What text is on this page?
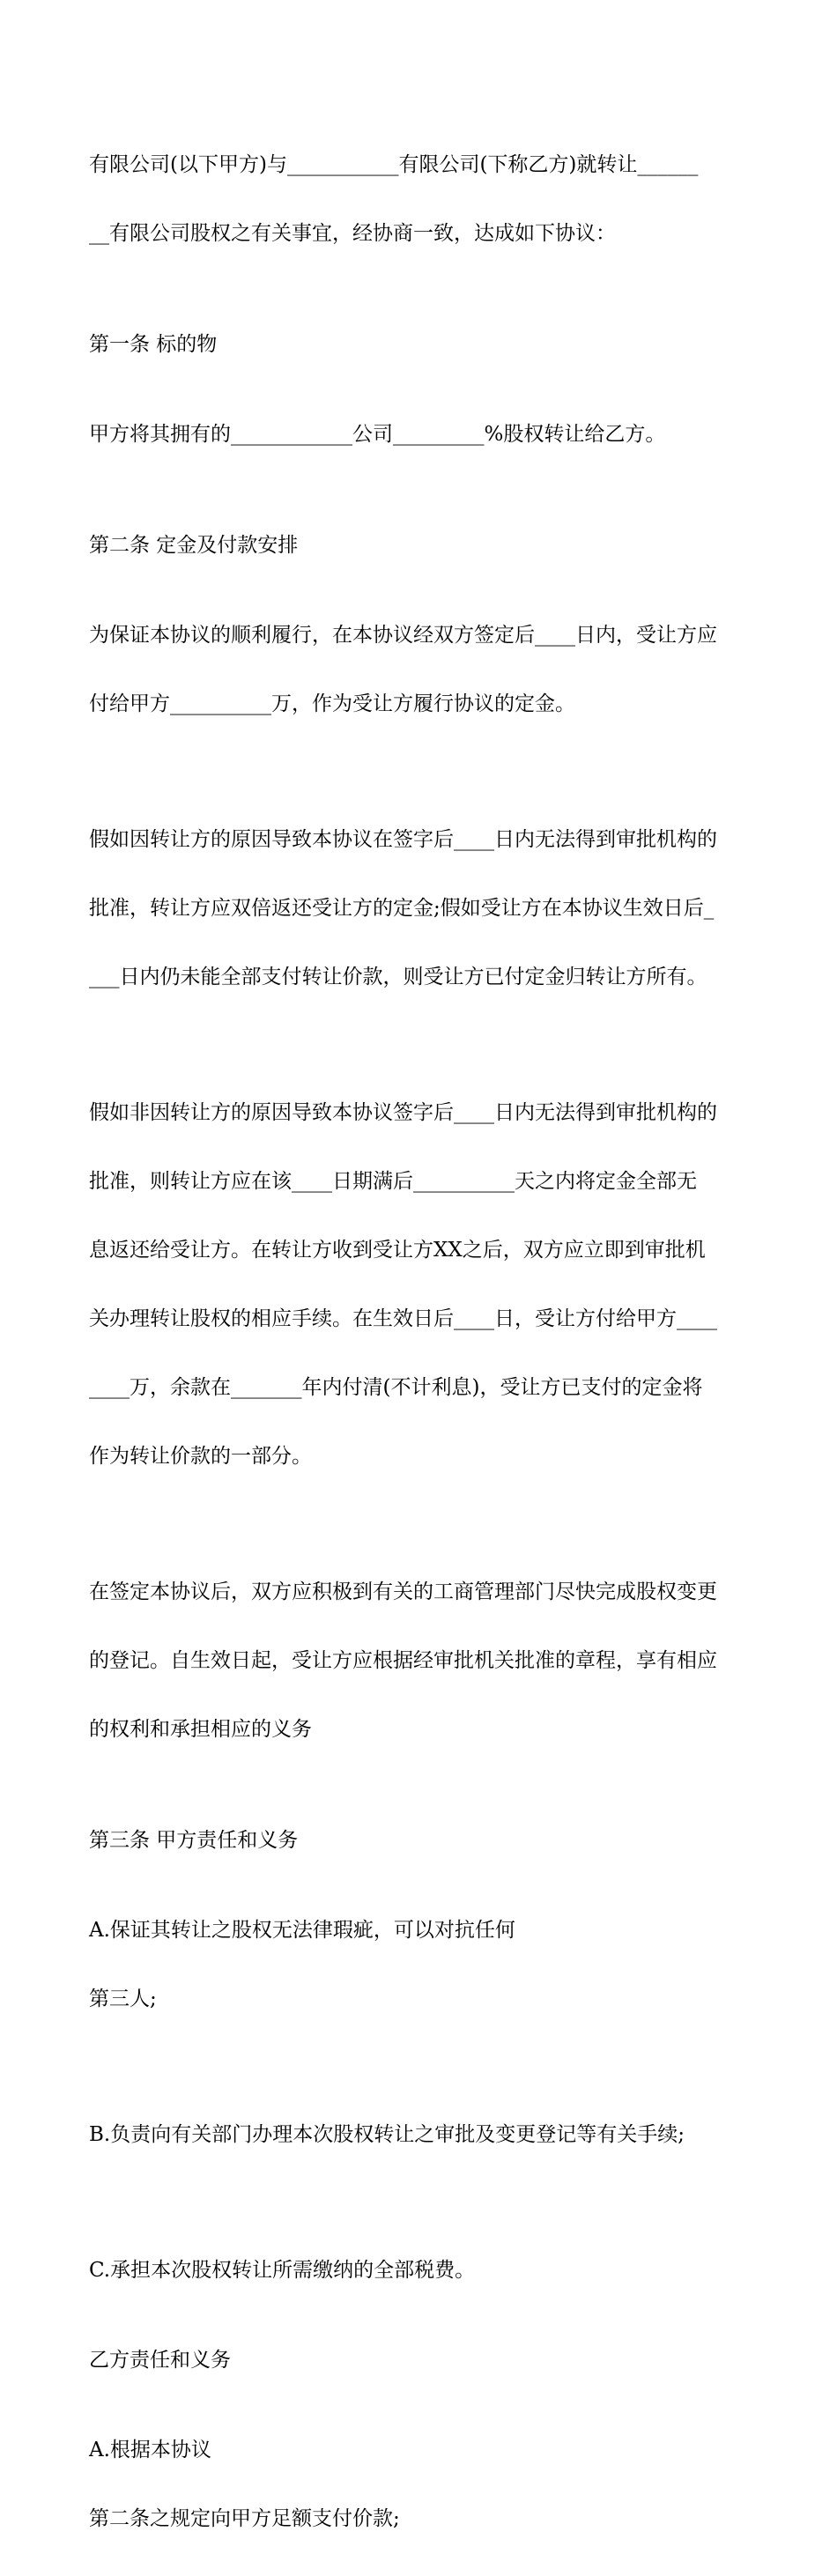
有限公司(以下甲方)与___________有限公司(下称乙方)就转让______

__有限公司股权之有关事宜，经协商一致，达成如下协议：

第一条 标的物

甲方将其拥有的____________公司_________%股权转让给乙方。

第二条 定金及付款安排

为保证本协议的顺利履行，在本协议经双方签定后____日内，受让方应

付给甲方__________万，作为受让方履行协议的定金。

假如因转让方的原因导致本协议在签字后____日内无法得到审批机构的

批准，转让方应双倍返还受让方的定金;假如受让方在本协议生效日后_

___日内仍未能全部支付转让价款，则受让方已付定金归转让方所有。

假如非因转让方的原因导致本协议签字后____日内无法得到审批机构的

批准，则转让方应在该____日期满后__________天之内将定金全部无

息返还给受让方。在转让方收到受让方XX之后，双方应立即到审批机

关办理转让股权的相应手续。在生效日后____日，受让方付给甲方____

____万，余款在_______年内付清(不计利息)，受让方已支付的定金将

作为转让价款的一部分。

在签定本协议后，双方应积极到有关的工商管理部门尽快完成股权变更

的登记。自生效日起，受让方应根据经审批机关批准的章程，享有相应

的权利和承担相应的义务

第三条 甲方责任和义务

A.保证其转让之股权无法律瑕疵，可以对抗任何

第三人;

B.负责向有关部门办理本次股权转让之审批及变更登记等有关手续;

C.承担本次股权转让所需缴纳的全部税费。

乙方责任和义务

A.根据本协议

第二条之规定向甲方足额支付价款;
